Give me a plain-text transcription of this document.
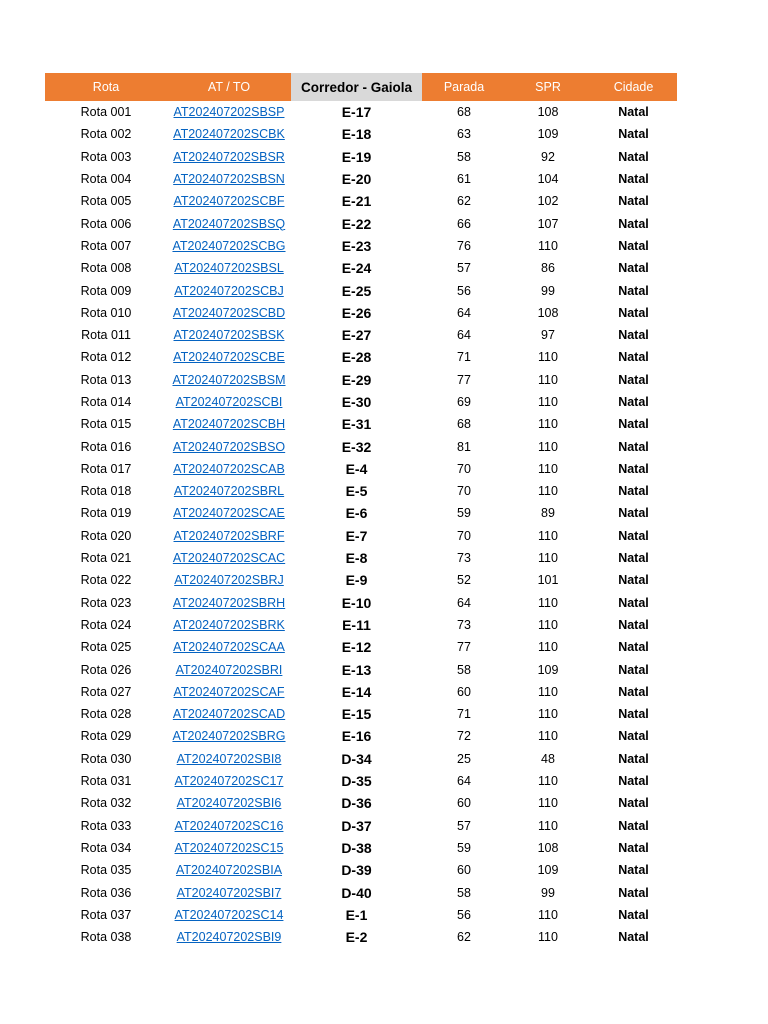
Rota	AT / TO	Corredor - Gaiola	Parada	SPR	Cidade
Rota 001	AT202407202SBSP	E-17	68	108	Natal
Rota 002	AT202407202SCBK	E-18	63	109	Natal
Rota 003	AT202407202SBSR	E-19	58	92	Natal
Rota 004	AT202407202SBSN	E-20	61	104	Natal
Rota 005	AT202407202SCBF	E-21	62	102	Natal
Rota 006	AT202407202SBSQ	E-22	66	107	Natal
Rota 007	AT202407202SCBG	E-23	76	110	Natal
Rota 008	AT202407202SBSL	E-24	57	86	Natal
Rota 009	AT202407202SCBJ	E-25	56	99	Natal
Rota 010	AT202407202SCBD	E-26	64	108	Natal
Rota 011	AT202407202SBSK	E-27	64	97	Natal
Rota 012	AT202407202SCBE	E-28	71	110	Natal
Rota 013	AT202407202SBSM	E-29	77	110	Natal
Rota 014	AT202407202SCBI	E-30	69	110	Natal
Rota 015	AT202407202SCBH	E-31	68	110	Natal
Rota 016	AT202407202SBSO	E-32	81	110	Natal
Rota 017	AT202407202SCAB	E-4	70	110	Natal
Rota 018	AT202407202SBRL	E-5	70	110	Natal
Rota 019	AT202407202SCAE	E-6	59	89	Natal
Rota 020	AT202407202SBRF	E-7	70	110	Natal
Rota 021	AT202407202SCAC	E-8	73	110	Natal
Rota 022	AT202407202SBRJ	E-9	52	101	Natal
Rota 023	AT202407202SBRH	E-10	64	110	Natal
Rota 024	AT202407202SBRK	E-11	73	110	Natal
Rota 025	AT202407202SCAA	E-12	77	110	Natal
Rota 026	AT202407202SBRI	E-13	58	109	Natal
Rota 027	AT202407202SCAF	E-14	60	110	Natal
Rota 028	AT202407202SCAD	E-15	71	110	Natal
Rota 029	AT202407202SBRG	E-16	72	110	Natal
Rota 030	AT202407202SBI8	D-34	25	48	Natal
Rota 031	AT202407202SC17	D-35	64	110	Natal
Rota 032	AT202407202SBI6	D-36	60	110	Natal
Rota 033	AT202407202SC16	D-37	57	110	Natal
Rota 034	AT202407202SC15	D-38	59	108	Natal
Rota 035	AT202407202SBIA	D-39	60	109	Natal
Rota 036	AT202407202SBI7	D-40	58	99	Natal
Rota 037	AT202407202SC14	E-1	56	110	Natal
Rota 038	AT202407202SBI9	E-2	62	110	Natal
